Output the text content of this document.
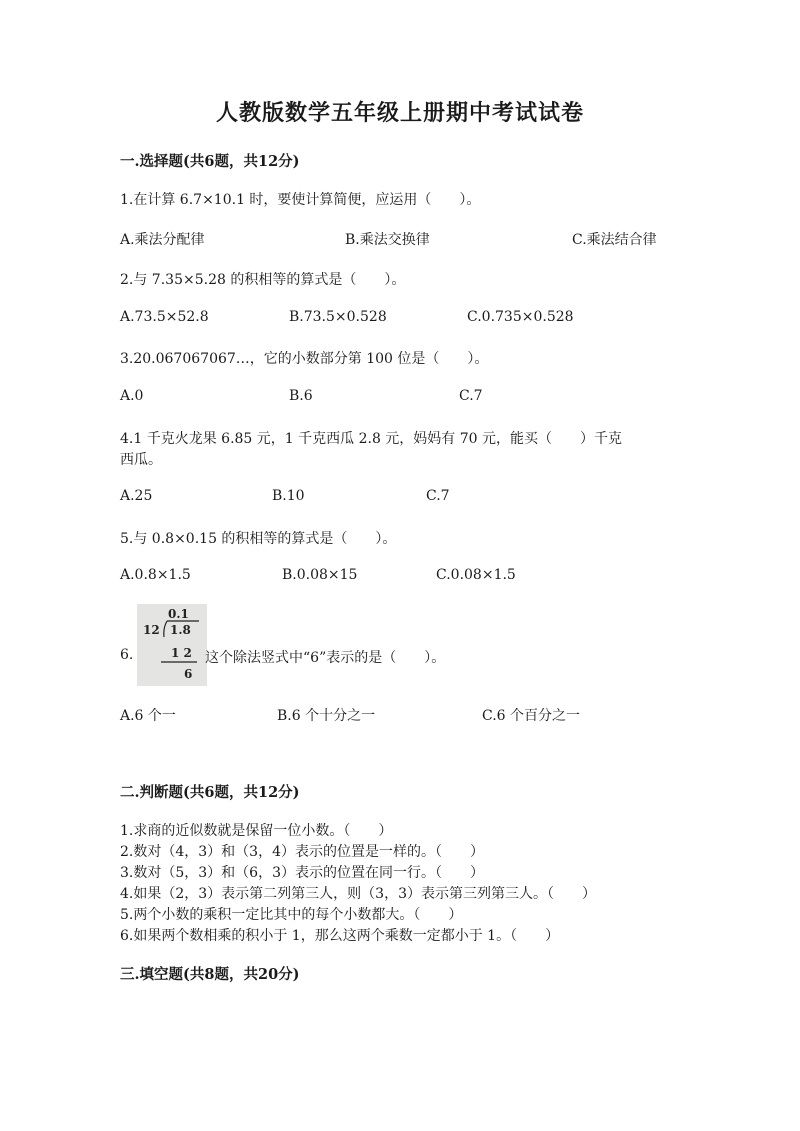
人教版数学五年级上册期中考试试卷
一.选择题(共6题，共12分)
1.在计算 6.7×10.1 时，要使计算简便，应运用（　　）。
A.乘法分配律	B.乘法交换律	C.乘法结合律
2.与 7.35×5.28 的积相等的算式是（　　）。
A.73.5×52.8	B.73.5×0.528	C.0.735×0.528
3.20.067067067…，它的小数部分第 100 位是（　　）。
A.0	B.6	C.7
4.1 千克火龙果 6.85 元，1 千克西瓜 2.8 元，妈妈有 70 元，能买（　　）千克
西瓜。
A.25	B.10	C.7
5.与 0.8×0.15 的积相等的算式是（　　）。
A.0.8×1.5	B.0.08×15	C.0.08×1.5
6.
0.1
12 1.8
1 2
6
这个除法竖式中“6”表示的是（　　）。
A.6 个一	B.6 个十分之一	C.6 个百分之一
二.判断题(共6题，共12分)
1.求商的近似数就是保留一位小数。（　　）
2.数对（4，3）和（3，4）表示的位置是一样的。（　　）
3.数对（5，3）和（6，3）表示的位置在同一行。（　　）
4.如果（2，3）表示第二列第三人，则（3，3）表示第三列第三人。（　　）
5.两个小数的乘积一定比其中的每个小数都大。（　　）
6.如果两个数相乘的积小于 1，那么这两个乘数一定都小于 1。（　　）
三.填空题(共8题，共20分)
